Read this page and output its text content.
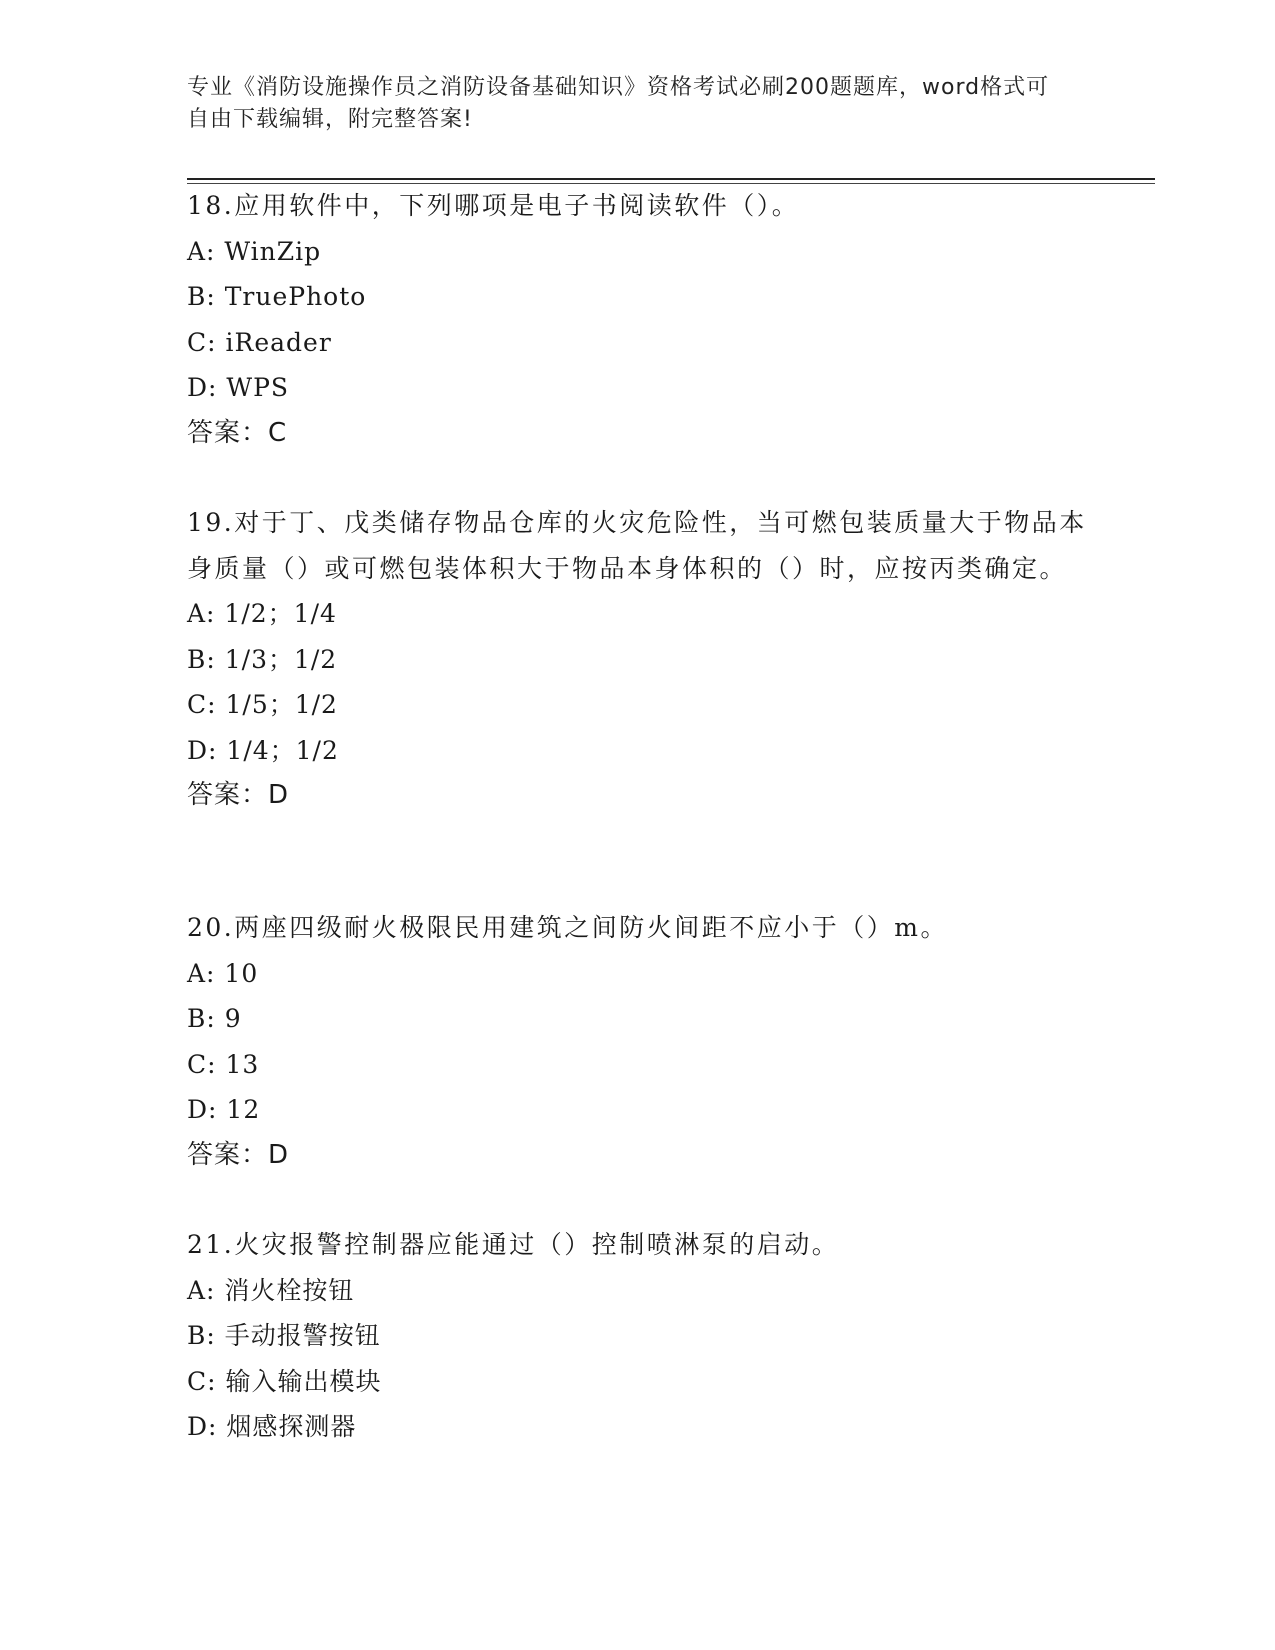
专业《消防设施操作员之消防设备基础知识》资格考试必刷200题题库，word格式可自由下载编辑，附完整答案!

18.应用软件中，下列哪项是电子书阅读软件（）。

A: WinZip

B: TruePhoto

C: iReader

D: WPS

答案：C

19.对于丁、戊类储存物品仓库的火灾危险性，当可燃包装质量大于物品本身质量（）或可燃包装体积大于物品本身体积的（）时，应按丙类确定。

A: 1/2；1/4

B: 1/3；1/2

C: 1/5；1/2

D: 1/4；1/2

答案：D

20.两座四级耐火极限民用建筑之间防火间距不应小于（）m。

A: 10

B: 9

C: 13

D: 12

答案：D

21.火灾报警控制器应能通过（）控制喷淋泵的启动。

A: 消火栓按钮

B: 手动报警按钮

C: 输入输出模块

D: 烟感探测器
